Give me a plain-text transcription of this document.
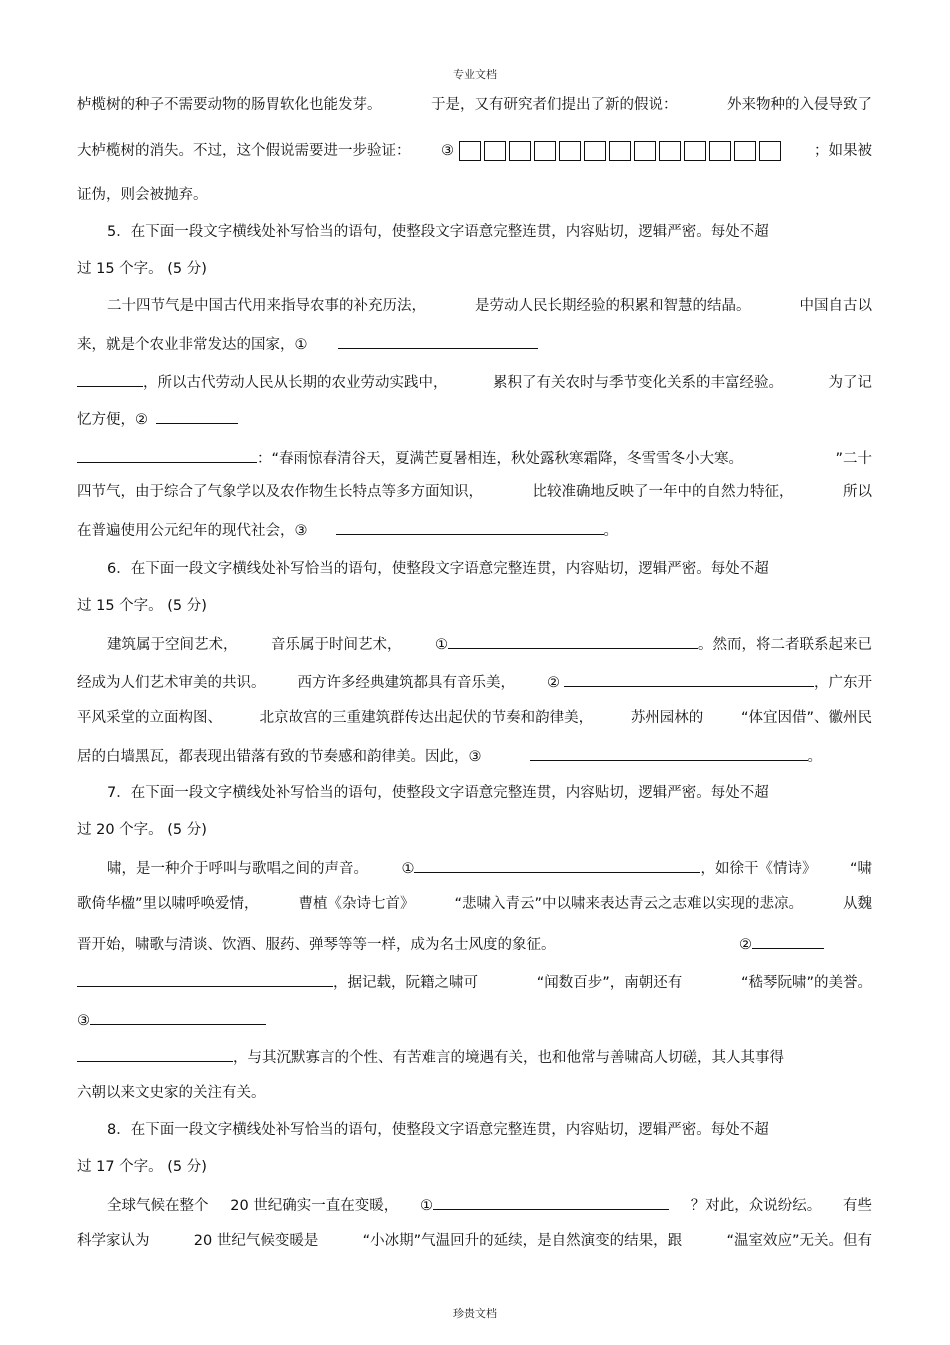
专业文档
栌榄树的种子不需要动物的肠胃软化也能发芽。	于是，又有研究者们提出了新的假说：	外来物种的入侵导致了
大栌榄树的消失。不过，这个假说需要进一步验证： ③	；如果被
证伪，则会被抛弃。
5．在下面一段文字横线处补写恰当的语句，使整段文字语意完整连贯，内容贴切，逻辑严密。每处不超
过 15 个字。 (5 分)
二十四节气是中国古代用来指导农事的补充历法，	是劳动人民长期经验的积累和智慧的结晶。	中国自古以
来，就是个农业非常发达的国家，①
，所以古代劳动人民从长期的农业劳动实践中，	累积了有关农时与季节变化关系的丰富经验。	为了记
忆方便，②
：“春雨惊春清谷天，夏满芒夏暑相连，秋处露秋寒霜降，冬雪雪冬小大寒。	”二十
四节气，由于综合了气象学以及农作物生长特点等多方面知识，	比较准确地反映了一年中的自然力特征，	所以
在普遍使用公元纪年的现代社会，③	。
6．在下面一段文字横线处补写恰当的语句，使整段文字语意完整连贯，内容贴切，逻辑严密。每处不超
过 15 个字。 (5 分)
建筑属于空间艺术， 音乐属于时间艺术， ①	。然而，将二者联系起来已
经成为人们艺术审美的共识。 西方许多经典建筑都具有音乐美， ②	，广东开
平风采堂的立面构图、	北京故宫的三重建筑群传达出起伏的节奏和韵律美，	苏州园林的	“体宜因借”、徽州民
居的白墙黑瓦，都表现出错落有致的节奏感和韵律美。因此，③	。
7．在下面一段文字横线处补写恰当的语句，使整段文字语意完整连贯，内容贴切，逻辑严密。每处不超
过 20 个字。 (5 分)
啸，是一种介于呼叫与歌唱之间的声音。 ①	，如徐干《情诗》 “啸
歌倚华楹”里以啸呼唤爱情，	曹植《杂诗七首》	“悲啸入青云”中以啸来表达青云之志难以实现的悲凉。	从魏
晋开始，啸歌与清谈、饮酒、服药、弹琴等等一样，成为名士风度的象征。	②
，据记载，阮籍之啸可	“闻数百步”，南朝还有	“嵇琴阮啸”的美誉。
③
，与其沉默寡言的个性、有苦难言的境遇有关，也和他常与善啸高人切磋，其人其事得
六朝以来文史家的关注有关。
8．在下面一段文字横线处补写恰当的语句，使整段文字语意完整连贯，内容贴切，逻辑严密。每处不超
过 17 个字。 (5 分)
全球气候在整个 20 世纪确实一直在变暖， ①	？对此，众说纷纭。 有些
科学家认为	20 世纪气候变暖是	“小冰期”气温回升的延续，是自然演变的结果，跟	“温室效应”无关。但有
珍贵文档
